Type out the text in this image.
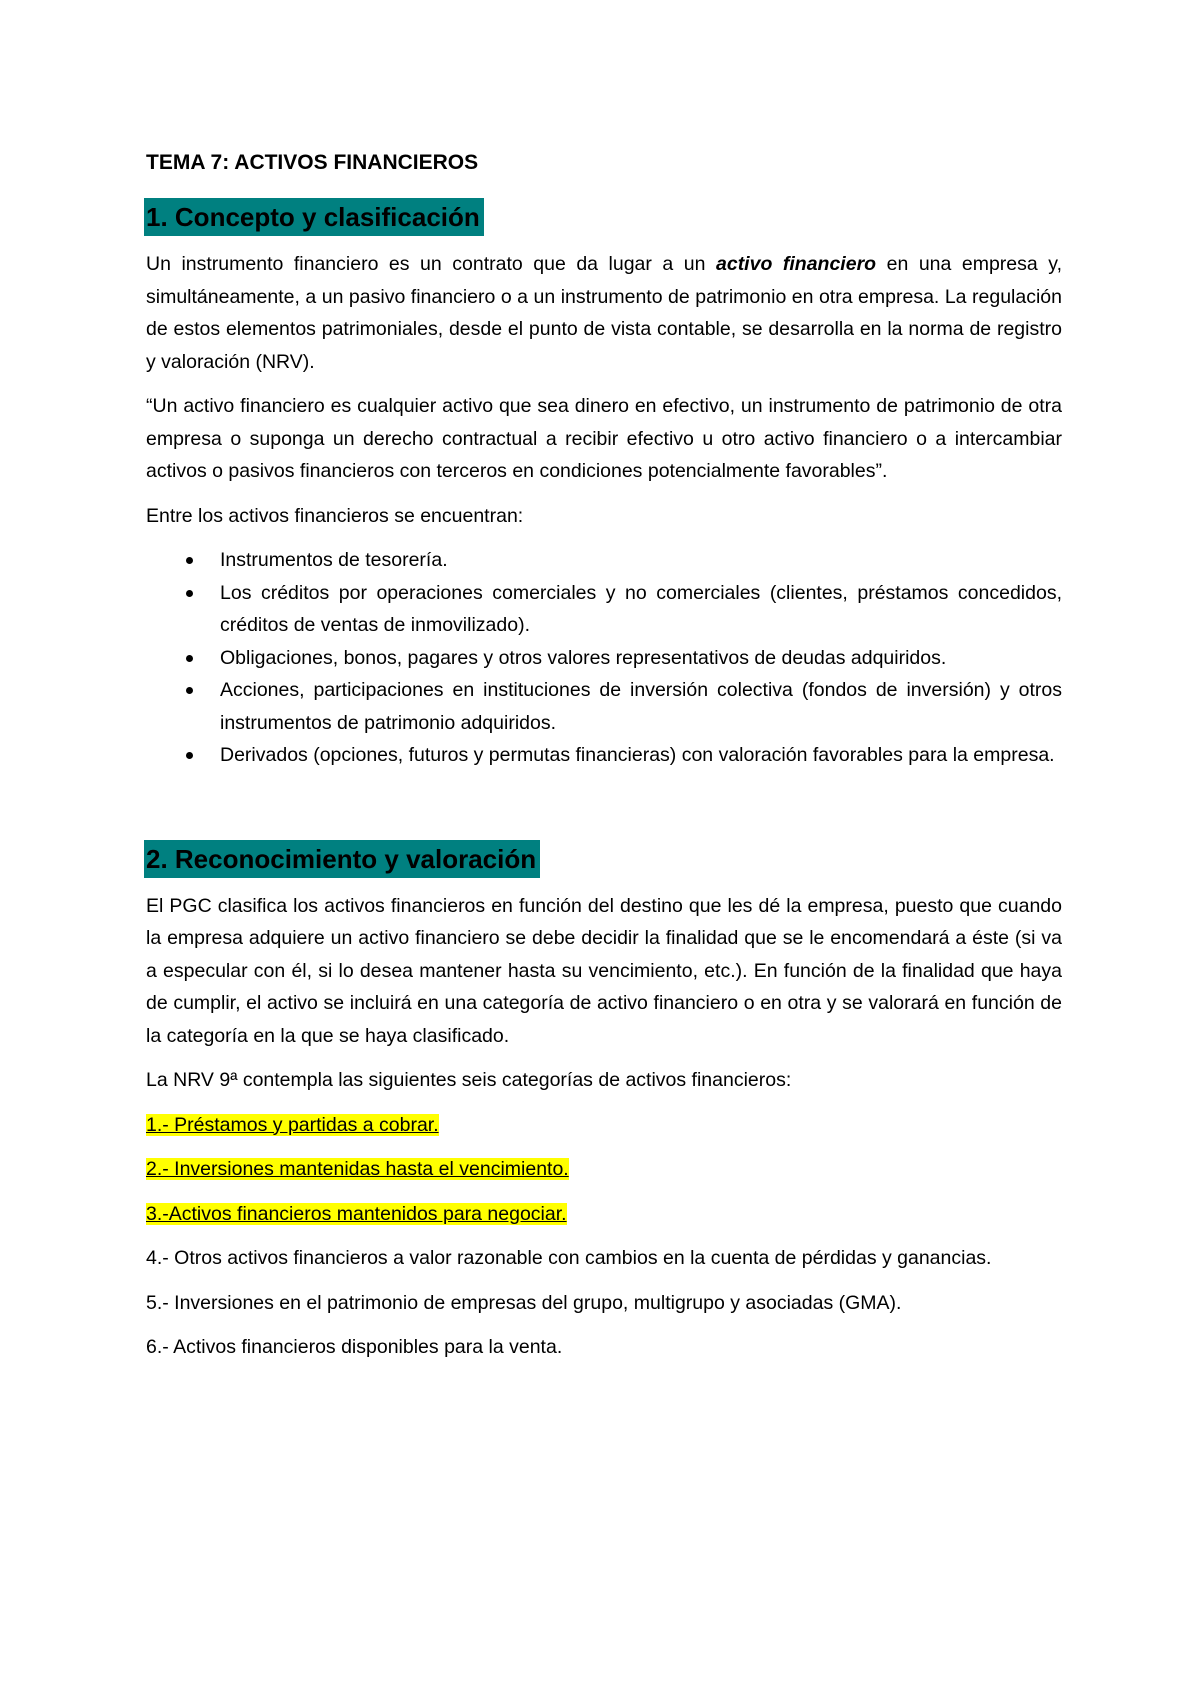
TEMA 7: ACTIVOS FINANCIEROS
1. Concepto y clasificación

Un instrumento financiero es un contrato que da lugar a un activo financiero en una empresa y, simultáneamente, a un pasivo financiero o a un instrumento de patrimonio en otra empresa. La regulación de estos elementos patrimoniales, desde el punto de vista contable, se desarrolla en la norma de registro y valoración (NRV).

“Un activo financiero es cualquier activo que sea dinero en efectivo, un instrumento de patrimonio de otra empresa o suponga un derecho contractual a recibir efectivo u otro activo financiero o a intercambiar activos o pasivos financieros con terceros en condiciones potencialmente favorables”.

Entre los activos financieros se encuentran:

Instrumentos de tesorería.
Los créditos por operaciones comerciales y no comerciales (clientes, préstamos concedidos, créditos de ventas de inmovilizado).
Obligaciones, bonos, pagares y otros valores representativos de deudas adquiridos.
Acciones, participaciones en instituciones de inversión colectiva (fondos de inversión) y otros instrumentos de patrimonio adquiridos.
Derivados (opciones, futuros y permutas financieras) con valoración favorables para la empresa.
2. Reconocimiento y valoración

El PGC clasifica los activos financieros en función del destino que les dé la empresa, puesto que cuando la empresa adquiere un activo financiero se debe decidir la finalidad que se le encomendará a éste (si va a especular con él, si lo desea mantener hasta su vencimiento, etc.). En función de la finalidad que haya de cumplir, el activo se incluirá en una categoría de activo financiero o en otra y se valorará en función de la categoría en la que se haya clasificado.

La NRV 9ª contempla las siguientes seis categorías de activos financieros:

1.- Préstamos y partidas a cobrar.

2.- Inversiones mantenidas hasta el vencimiento.

3.-Activos financieros mantenidos para negociar.

4.- Otros activos financieros a valor razonable con cambios en la cuenta de pérdidas y ganancias.

5.- Inversiones en el patrimonio de empresas del grupo, multigrupo y asociadas (GMA).

6.- Activos financieros disponibles para la venta.
